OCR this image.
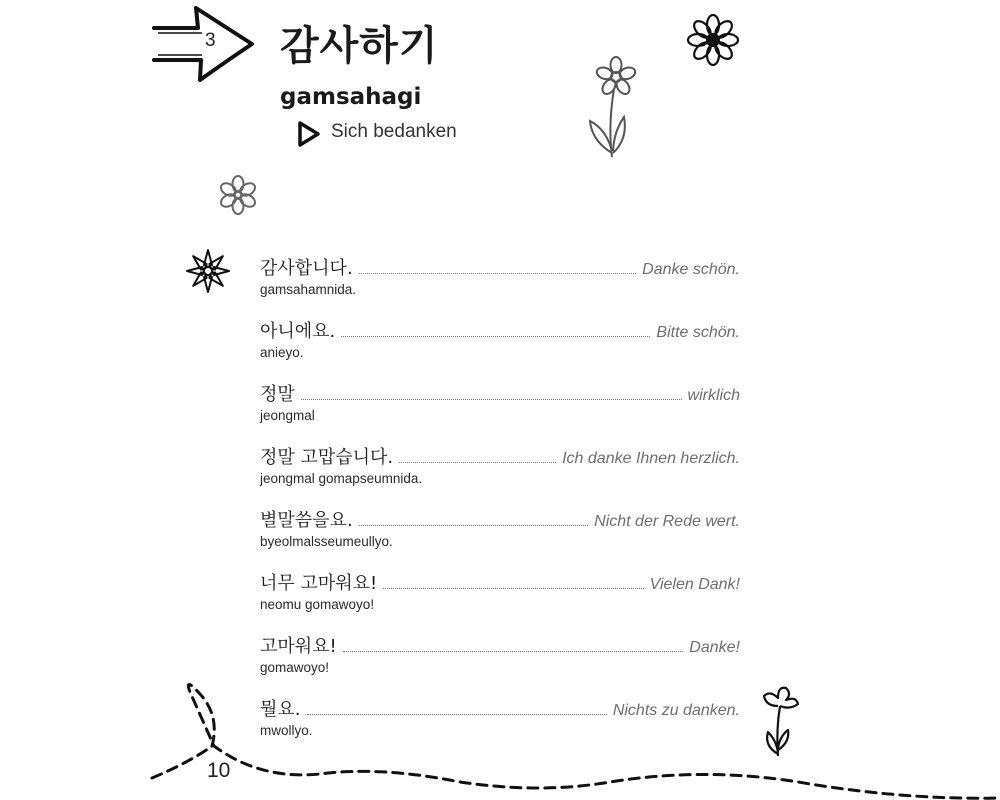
3 감사하기
gamsahagi
Sich bedanken
감사합니다.	Danke schön.
gamsahamnida.
아니에요.	Bitte schön.
anieyo.
정말	wirklich
jeongmal
정말 고맙습니다.	Ich danke Ihnen herzlich.
jeongmal gomapseumnida.
별말씀을요.	Nicht der Rede wert.
byeolmalsseumeullyo.
너무 고마워요!	Vielen Dank!
neomu gomawoyo!
고마워요!	Danke!
gomawoyo!
뭘요.	Nichts zu danken.
mwollyo.
10
